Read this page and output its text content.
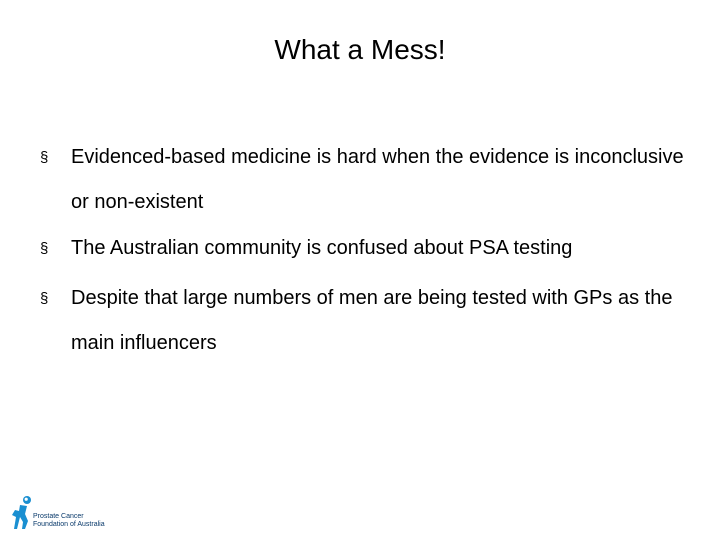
What a Mess!
§	Evidenced-based medicine is hard when the evidence is inconclusive or non-existent
§	The Australian community is confused about PSA testing
§	Despite that large numbers of men are being tested with GPs as the main influencers
Prostate Cancer
Foundation of Australia
